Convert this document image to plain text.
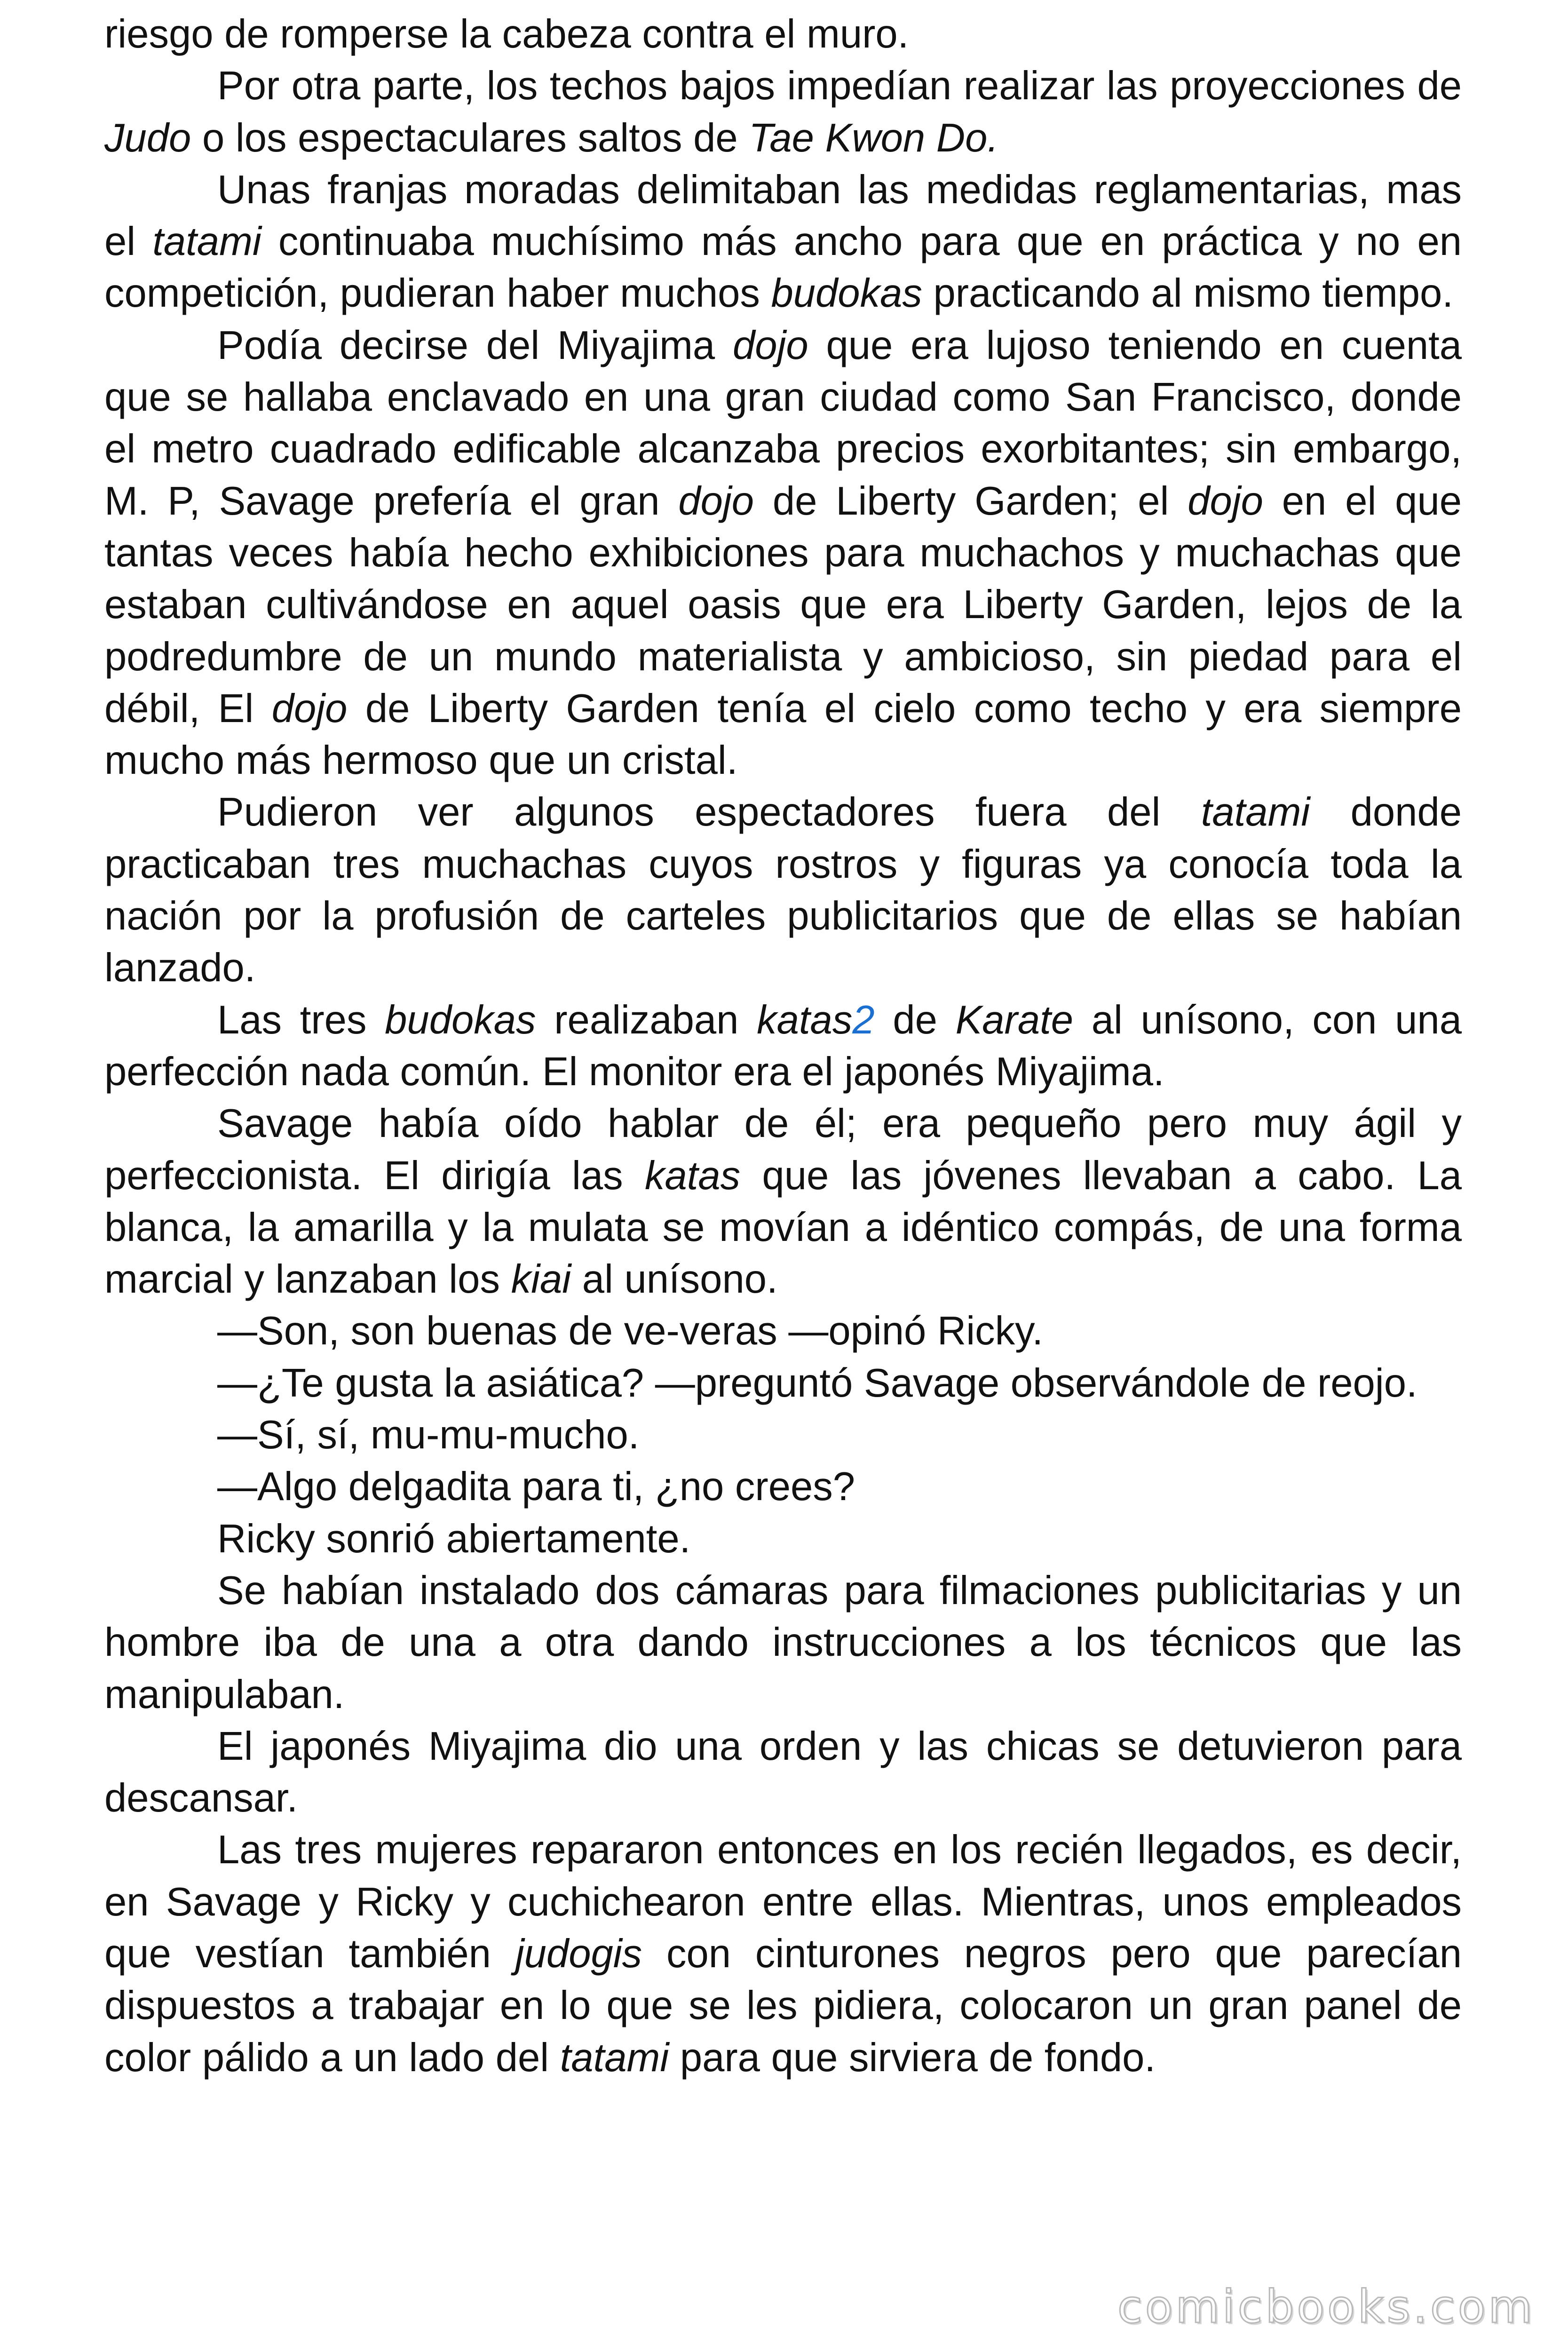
riesgo de romperse la cabeza contra el muro.

Por otra parte, los techos bajos impedían realizar las proyecciones de Judo o los espectaculares saltos de Tae Kwon Do.

Unas franjas moradas delimitaban las medidas reglamentarias, mas el tatami continuaba muchísimo más ancho para que en práctica y no en competición, pudieran haber muchos budokas practicando al mismo tiempo.

Podía decirse del Miyajima dojo que era lujoso teniendo en cuenta que se hallaba enclavado en una gran ciudad como San Francisco, donde el metro cuadrado edificable alcanzaba precios exorbitantes; sin embargo, M. P, Savage prefería el gran dojo de Liberty Garden; el dojo en el que tantas veces había hecho exhibiciones para muchachos y muchachas que estaban cultivándose en aquel oasis que era Liberty Garden, lejos de la podredumbre de un mundo materialista y ambicioso, sin piedad para el débil, El dojo de Liberty Garden tenía el cielo como techo y era siempre mucho más hermoso que un cristal.

Pudieron ver algunos espectadores fuera del tatami donde practicaban tres muchachas cuyos rostros y figuras ya conocía toda la nación por la profusión de carteles publicitarios que de ellas se habían lanzado.

Las tres budokas realizaban katas2 de Karate al unísono, con una perfección nada común. El monitor era el japonés Miyajima.

Savage había oído hablar de él; era pequeño pero muy ágil y perfeccionista. El dirigía las katas que las jóvenes llevaban a cabo. La blanca, la amarilla y la mulata se movían a idéntico compás, de una forma marcial y lanzaban los kiai al unísono.

—Son, son buenas de ve-veras —opinó Ricky.

—¿Te gusta la asiática? —preguntó Savage observándole de reojo.

—Sí, sí, mu-mu-mucho.

—Algo delgadita para ti, ¿no crees?

Ricky sonrió abiertamente.

Se habían instalado dos cámaras para filmaciones publicitarias y un hombre iba de una a otra dando instrucciones a los técnicos que las manipulaban.

El japonés Miyajima dio una orden y las chicas se detuvieron para descansar.

Las tres mujeres repararon entonces en los recién llegados, es decir, en Savage y Ricky y cuchichearon entre ellas. Mientras, unos empleados que vestían también judogis con cinturones negros pero que parecían dispuestos a trabajar en lo que se les pidiera, colocaron un gran panel de color pálido a un lado del tatami para que sirviera de fondo.

comicbooks.com
